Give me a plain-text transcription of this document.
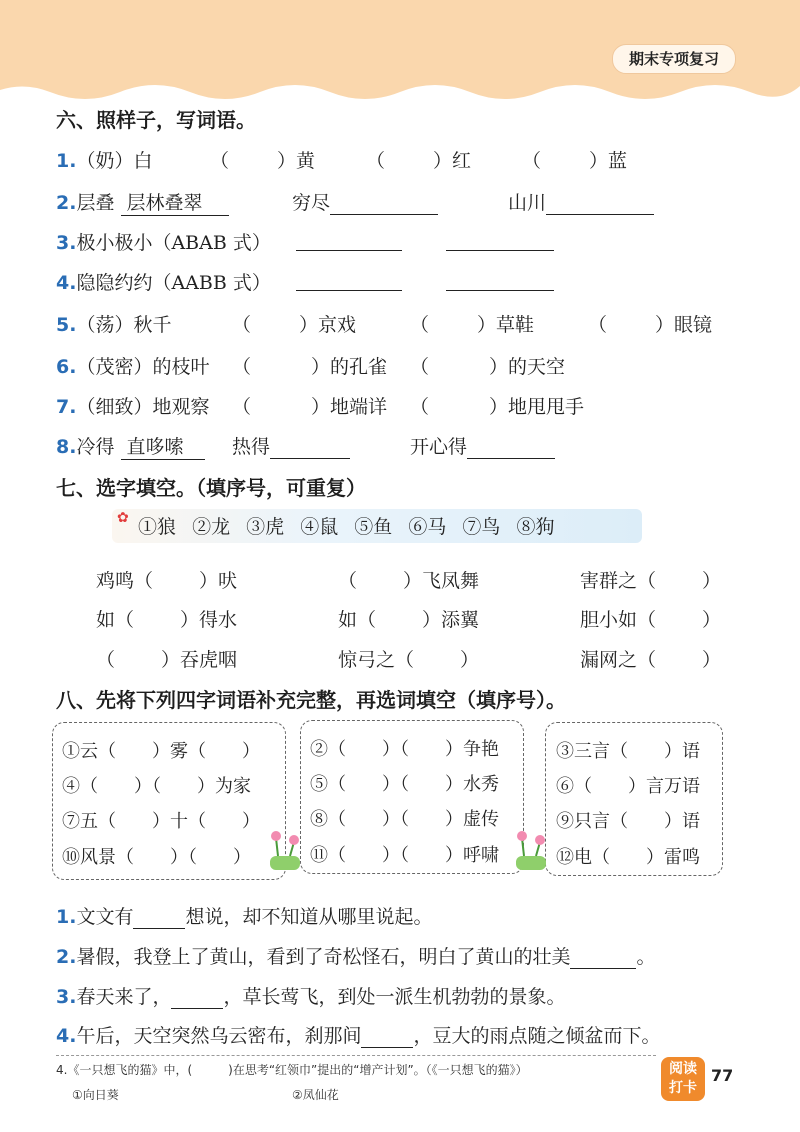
期末专项复习
六、照样子，写词语。
1.（奶）白	（	）黄	（	）红	（	）蓝
2.层叠 层林叠翠	穷尽	山川
3.极小极小（ABAB 式）
4.隐隐约约（AABB 式）
5.（荡）秋千	（	）京戏	（	）草鞋	（	）眼镜
6.（茂密）的枝叶 （	）的孔雀 （	）的天空
7.（细致）地观察 （	）地端详 （	）地甩甩手
8.冷得 直哆嗦	热得	开心得
七、选字填空。（填序号，可重复）
✿ ①狼 ②龙 ③虎 ④鼠 ⑤鱼 ⑥马 ⑦鸟 ⑧狗
鸡鸣（ ）吠	（ ）飞凤舞	害群之（ ）
如（ ）得水	如（ ）添翼	胆小如（ ）
（ ）吞虎咽	惊弓之（ ）	漏网之（ ）
八、先将下列四字词语补充完整，再选词填空（填序号）。
①云（　　）雾（　　）
④（　　）（　　）为家
⑦五（　　）十（　　）
⑩风景（　　）（　　）
②（　　）（　　）争艳
⑤（　　）（　　）水秀
⑧（　　）（　　）虚传
⑪（　　）（　　）呼啸
③三言（　　）语
⑥（　　）言万语
⑨只言（　　）语
⑫电（　　）雷鸣
1.文文有	想说，却不知道从哪里说起。
2.暑假，我登上了黄山，看到了奇松怪石，明白了黄山的壮美	。
3.春天来了，	，草长莺飞，到处一派生机勃勃的景象。
4.午后，天空突然乌云密布，刹那间	，豆大的雨点随之倾盆而下。
4.《一只想飞的猫》中，(　　　)在思考“红领巾”提出的“增产计划”。（《一只想飞的猫》）
①向日葵	②凤仙花
阅读
打卡
77
